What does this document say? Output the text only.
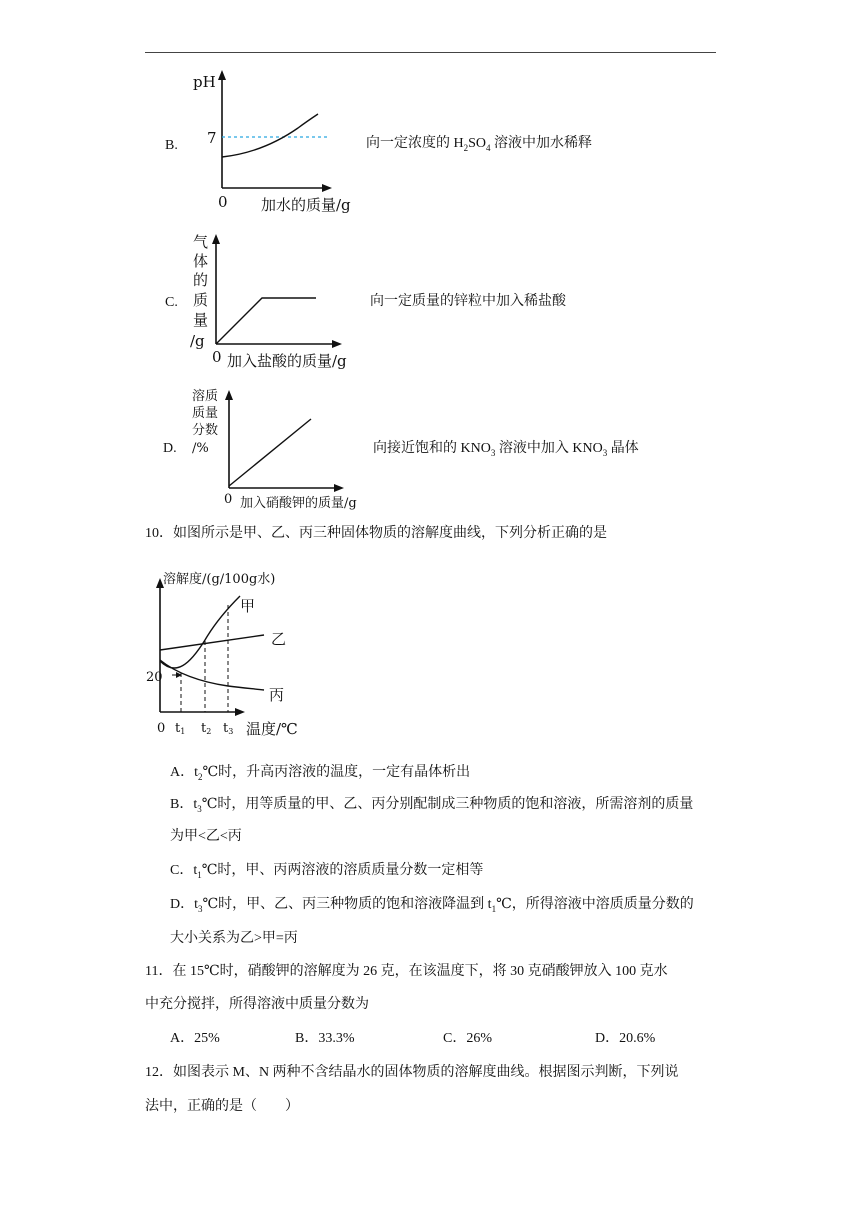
B.
pH
7
0 加水的质量/g
向一定浓度的 $H_2SO_4$ 溶液中加水稀释
C.
气
体
的
质
量
/g
0 加入盐酸的质量/g
向一定质量的锌粒中加入稀盐酸
D.
溶质
质量
分数
/%
0 加入硝酸钾的质量/g
向接近饱和的 $KNO_3$ 溶液中加入 $KNO_3$ 晶体
10．如图所示是甲、乙、丙三种固体物质的溶解度曲线，下列分析正确的是
溶解度/(g/100g水)
20
0 t1 t2 t3 温度/℃
甲
乙
丙
A．$t_2℃$时，升高丙溶液的温度，一定有晶体析出
B．$t_3℃$时，用等质量的甲、乙、丙分别配制成三种物质的饱和溶液，所需溶剂的质量
为甲<乙<丙
C．$t_1℃$时，甲、丙两溶液的溶质质量分数一定相等
D．$t_3℃$时，甲、乙、丙三种物质的饱和溶液降温到 $t_1℃$，所得溶液中溶质质量分数的
大小关系为乙>甲=丙
11．在 15℃时，硝酸钾的溶解度为 26 克，在该温度下，将 30 克硝酸钾放入 100 克水
中充分搅拌，所得溶液中质量分数为
A．25%	B．33.3%	C．26%	D．20.6%
12．如图表示 M、N 两种不含结晶水的固体物质的溶解度曲线。根据图示判断，下列说
法中，正确的是（　　）
